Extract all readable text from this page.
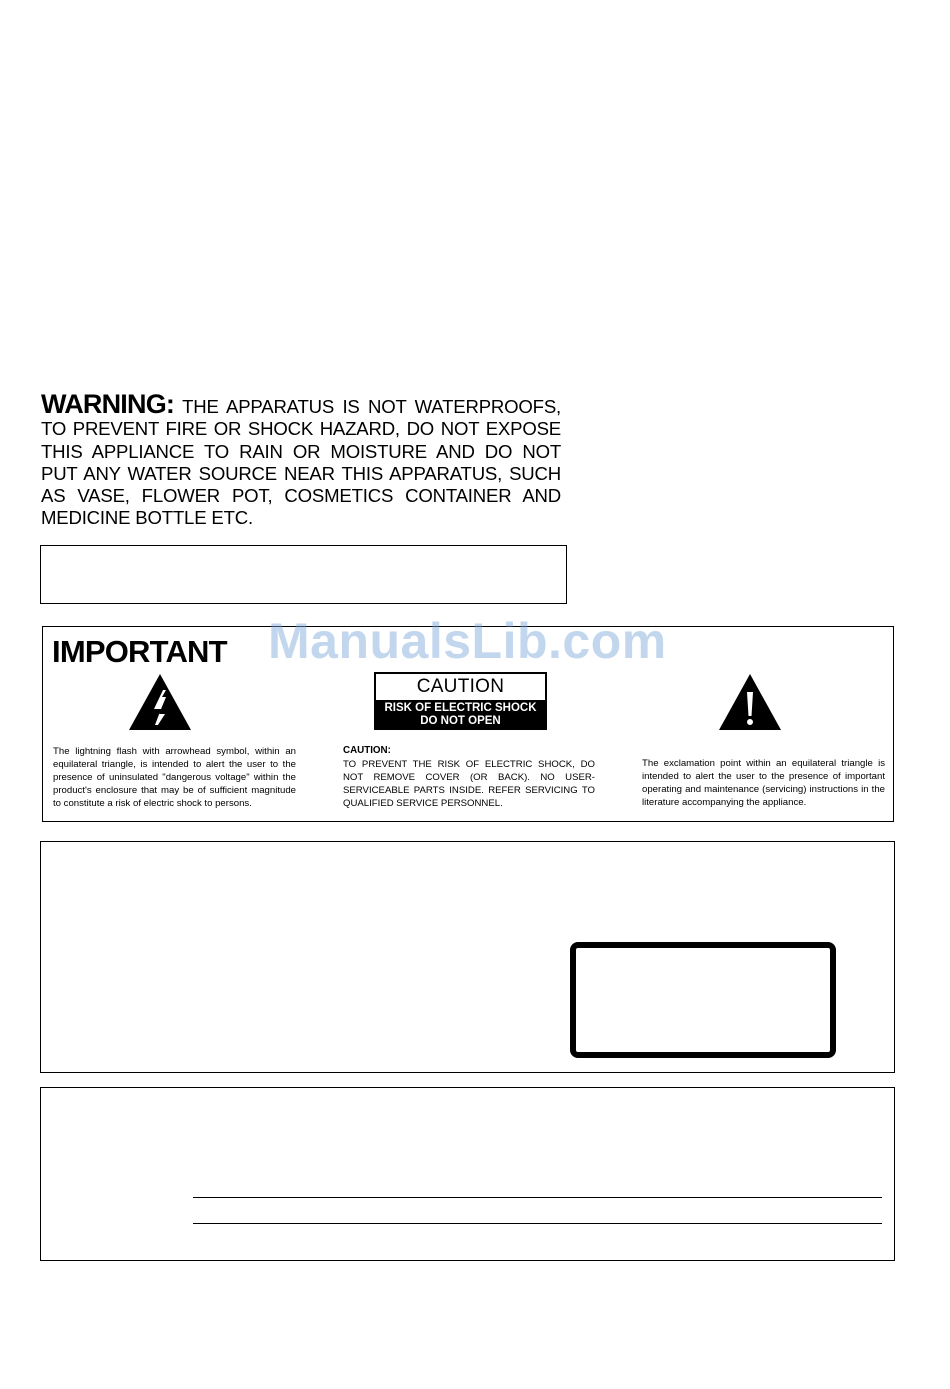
WARNING: THE APPARATUS IS NOT WATERPROOFS, TO PREVENT FIRE OR SHOCK HAZARD, DO NOT EXPOSE THIS APPLIANCE TO RAIN OR MOISTURE AND DO NOT PUT ANY WATER SOURCE NEAR THIS APPARATUS, SUCH AS VASE, FLOWER POT, COSMETICS CONTAINER AND MEDICINE BOTTLE ETC.
IMPORTANT
The lightning flash with arrowhead symbol, within an equilateral triangle, is intended to alert the user to the presence of uninsulated "dangerous voltage" within the product's enclosure that may be of sufficient magnitude to constitute a risk of electric shock to persons.
CAUTION
RISK OF ELECTRIC SHOCK
DO NOT OPEN
CAUTION:
TO PREVENT THE RISK OF ELECTRIC SHOCK, DO NOT REMOVE COVER (OR BACK). NO USER-SERVICEABLE PARTS INSIDE. REFER SERVICING TO QUALIFIED SERVICE PERSONNEL.
The exclamation point within an equilateral triangle is intended to alert the user to the presence of important operating and maintenance (servicing) instructions in the literature accompanying the appliance.
ManualsLib.com
